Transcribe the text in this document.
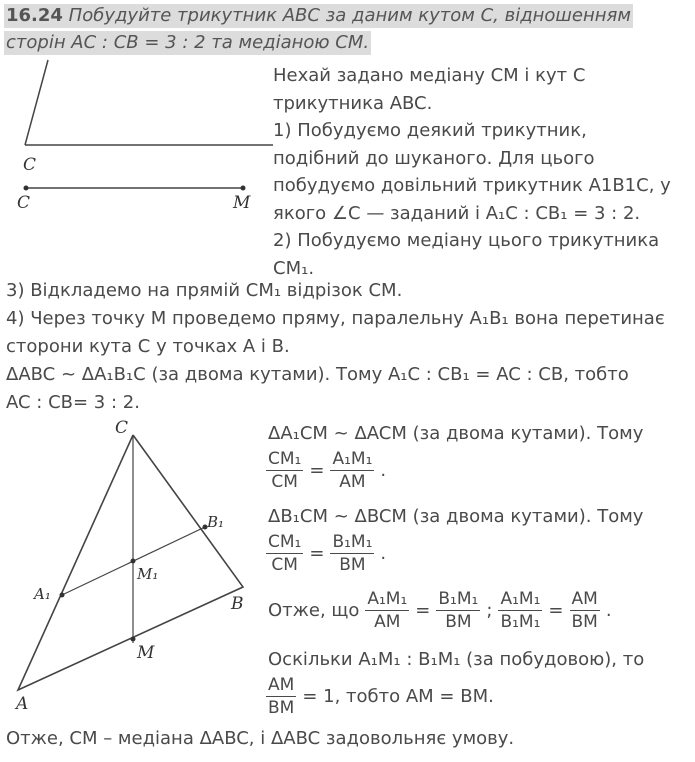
16.24 Побудуйте трикутник ABC за даним кутом C, відношенням
сторін AC : CB = 3 : 2 та медіаною CM.
C
C	M
Нехай задано медіану CM і кут C
трикутника ABC.
1) Побудуємо деякий трикутник,
подібний до шуканого. Для цього
побудуємо довільний трикутник A1B1C, у
якого ∠C — заданий і A₁C : CB₁ = 3 : 2.
2) Побудуємо медіану цього трикутника
CM₁.
3) Відкладемо на прямій CM₁ відрізок CM.
4) Через точку M проведемо пряму, паралельну A₁B₁ вона перетинає
сторони кута C у точках A і B.
ΔABC ~ ΔA₁B₁C (за двома кутами). Тому A₁C : CB₁ = AC : CB, тобто
AC : CB= 3 : 2.
C
B₁
A₁
M₁
B
M
A
ΔA₁CM ~ ΔACM (за двома кутами). Тому
$\frac{\text{CM₁}}{CM} = \frac{\text{A₁M₁}}{AM}$ .
ΔB₁CM ~ ΔBCM (за двома кутами). Тому
$\frac{\text{CM₁}}{CM} = \frac{\text{B₁M₁}}{BM}$ .
Отже, що $\frac{\text{A₁M₁}}{AM} = \frac{\text{B₁M₁}}{BM}$ ; $\frac{\text{A₁M₁}}{\text{B₁M₁}} = \frac{AM}{BM}$ .
Оскільки A₁M₁ : B₁M₁ (за побудовою), то
$\frac{AM}{BM} = 1$, тобто AM = BM.
Отже, CM – медіана ΔABC, і ΔABC задовольняє умову.
